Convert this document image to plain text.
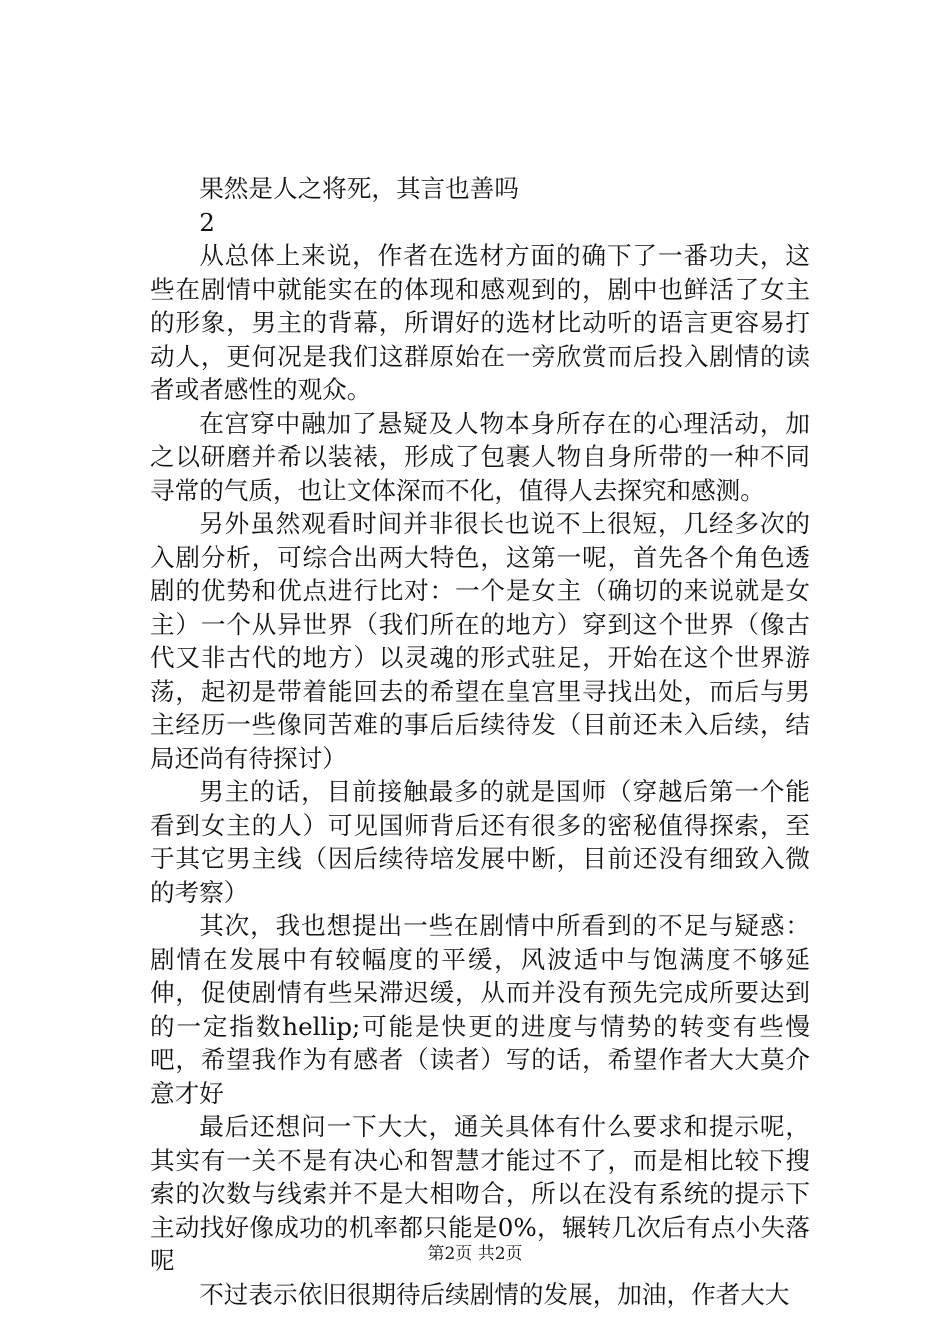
果然是人之将死，其言也善吗

2

从总体上来说，作者在选材方面的确下了一番功夫，这些在剧情中就能实在的体现和感观到的，剧中也鲜活了女主的形象，男主的背幕，所谓好的选材比动听的语言更容易打动人，更何况是我们这群原始在一旁欣赏而后投入剧情的读者或者感性的观众。

在宫穿中融加了悬疑及人物本身所存在的心理活动，加之以研磨并希以装裱，形成了包裹人物自身所带的一种不同寻常的气质，也让文体深而不化，值得人去探究和感测。

另外虽然观看时间并非很长也说不上很短，几经多次的入剧分析，可综合出两大特色，这第一呢，首先各个角色透剧的优势和优点进行比对：一个是女主（确切的来说就是女主）一个从异世界（我们所在的地方）穿到这个世界（像古代又非古代的地方）以灵魂的形式驻足，开始在这个世界游荡，起初是带着能回去的希望在皇宫里寻找出处，而后与男主经历一些像同苦难的事后后续待发（目前还未入后续，结局还尚有待探讨）

男主的话，目前接触最多的就是国师（穿越后第一个能看到女主的人）可见国师背后还有很多的密秘值得探索，至于其它男主线（因后续待培发展中断，目前还没有细致入微的考察）

其次，我也想提出一些在剧情中所看到的不足与疑惑：剧情在发展中有较幅度的平缓，风波适中与饱满度不够延伸，促使剧情有些呆滞迟缓，从而并没有预先完成所要达到的一定指数hellip;可能是快更的进度与情势的转变有些慢吧，希望我作为有感者（读者）写的话，希望作者大大莫介意才好

最后还想问一下大大，通关具体有什么要求和提示呢，其实有一关不是有决心和智慧才能过不了，而是相比较下搜索的次数与线索并不是大相吻合，所以在没有系统的提示下主动找好像成功的机率都只能是0%，辗转几次后有点小失落呢

不过表示依旧很期待后续剧情的发展，加油，作者大大

第2页 共2页
